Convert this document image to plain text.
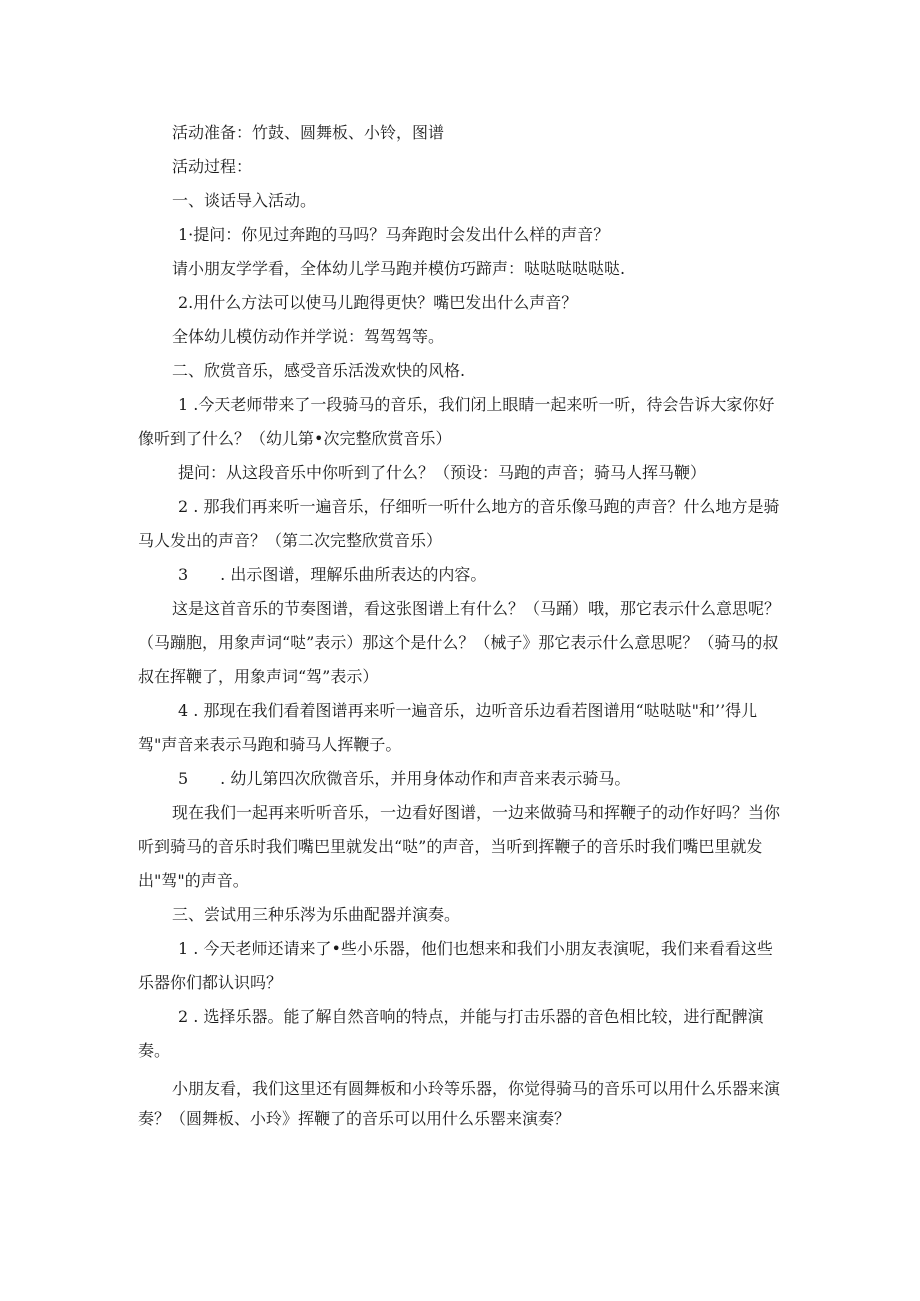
活动准备：竹鼓、圆舞板、小铃，图谱

活动过程：

一、谈话导入活动。

1·提问：你见过奔跑的马吗？马奔跑时会发出什么样的声音？

请小朋友学学看，全体幼儿学马跑并模仿巧蹄声：哒哒哒哒哒哒.

2.用什么方法可以使马儿跑得更快？嘴巴发出什么声音？

全体幼儿模仿动作并学说：驾驾驾等。

二、欣赏音乐，感受音乐活泼欢快的风格.

1 .今天老师带来了一段骑马的音乐，我们闭上眼睛一起来听一听，待会告诉大家你好像听到了什么？（幼儿第•次完整欣赏音乐）

提问：从这段音乐中你听到了什么？（预设：马跑的声音；骑马人挥马鞭）

2 . 那我们再来听一遍音乐，仔细听一听什么地方的音乐像马跑的声音？什么地方是骑马人发出的声音？（第二次完整欣赏音乐）

3　　. 出示图谱，理解乐曲所表达的内容。

这是这首音乐的节奏图谱，看这张图谱上有什么？（马踊）哦，那它表示什么意思呢？（马蹦胞，用象声词“哒”表示）那这个是什么？（械子》那它表示什么意思呢？（骑马的叔叔在挥鞭了，用象声词“驾”表示）

4 . 那现在我们看着图谱再来听一遍音乐，边听音乐边看若图谱用“哒哒哒"和’’得儿驾"声音来表示马跑和骑马人挥鞭子。

5　　. 幼儿第四次欣微音乐，并用身体动作和声音来表示骑马。

现在我们一起再来听听音乐，一边看好图谱，一边来做骑马和挥鞭子的动作好吗？当你听到骑马的音乐时我们嘴巴里就发出“哒”的声音，当听到挥鞭子的音乐时我们嘴巴里就发出"驾"的声音。

三、尝试用三种乐涔为乐曲配器并演奏。

1 . 今天老师还请来了•些小乐器，他们也想来和我们小朋友表演呢，我们来看看这些乐器你们都认识吗？

2 . 选择乐器。能了解自然音响的特点，并能与打击乐器的音色相比较，进行配髀演奏。

小朋友看，我们这里还有圆舞板和小玲等乐器，你觉得骑马的音乐可以用什么乐器来演奏？（圆舞板、小玲》挥鞭了的音乐可以用什么乐罂来演奏？
